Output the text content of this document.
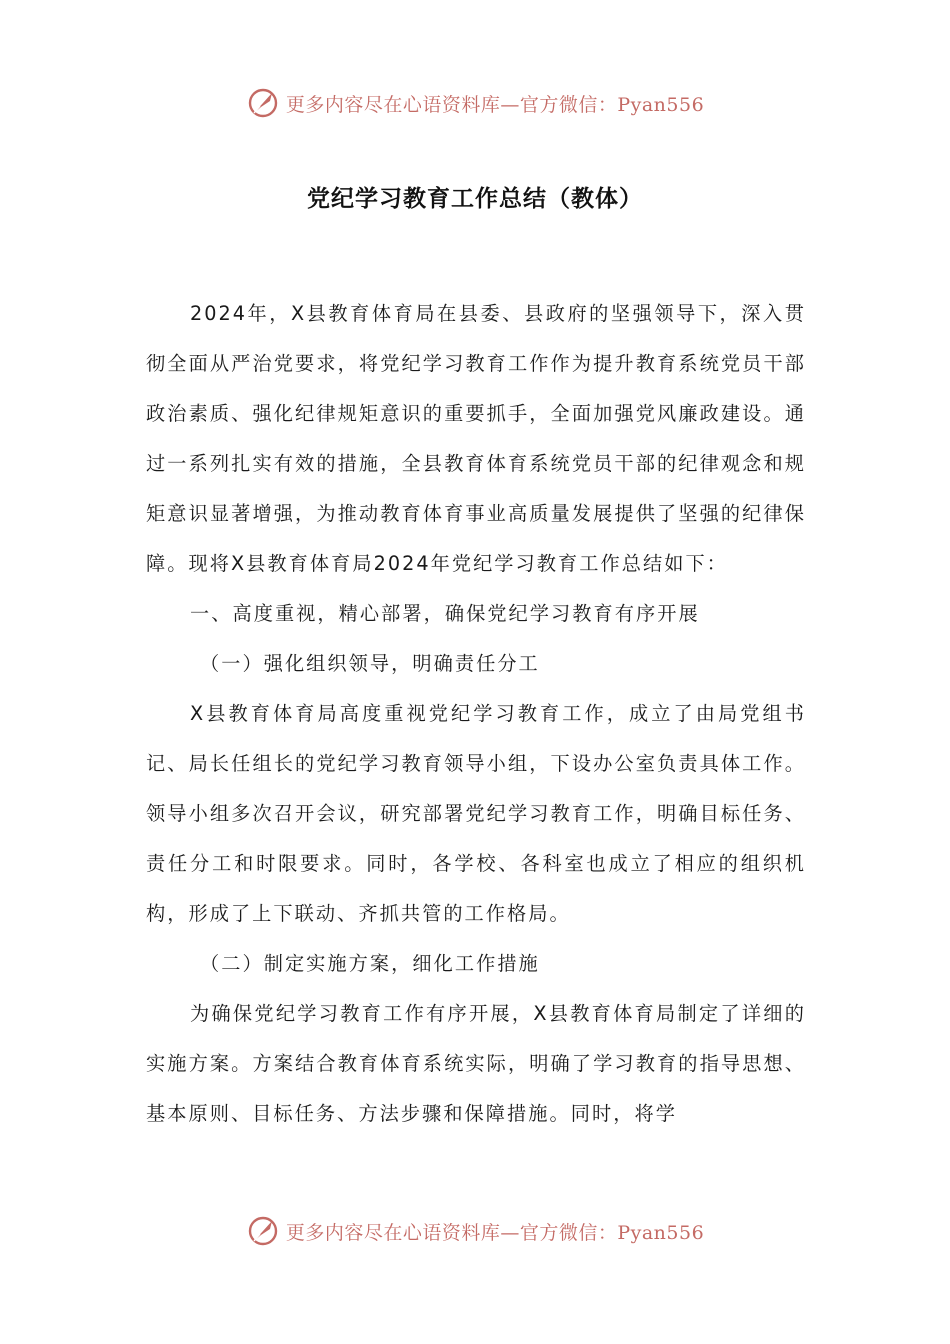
更多内容尽在心语资料库—官方微信：Pyan556
党纪学习教育工作总结（教体）

2024年，X县教育体育局在县委、县政府的坚强领导下，深入贯彻全面从严治党要求，将党纪学习教育工作作为提升教育系统党员干部政治素质、强化纪律规矩意识的重要抓手，全面加强党风廉政建设。通过一系列扎实有效的措施，全县教育体育系统党员干部的纪律观念和规矩意识显著增强，为推动教育体育事业高质量发展提供了坚强的纪律保障。现将X县教育体育局2024年党纪学习教育工作总结如下：

一、高度重视，精心部署，确保党纪学习教育有序开展

（一）强化组织领导，明确责任分工

X县教育体育局高度重视党纪学习教育工作，成立了由局党组书记、局长任组长的党纪学习教育领导小组，下设办公室负责具体工作。领导小组多次召开会议，研究部署党纪学习教育工作，明确目标任务、责任分工和时限要求。同时，各学校、各科室也成立了相应的组织机构，形成了上下联动、齐抓共管的工作格局。

（二）制定实施方案，细化工作措施

为确保党纪学习教育工作有序开展，X县教育体育局制定了详细的实施方案。方案结合教育体育系统实际，明确了学习教育的指导思想、基本原则、目标任务、方法步骤和保障措施。同时，将学

更多内容尽在心语资料库—官方微信：Pyan556
